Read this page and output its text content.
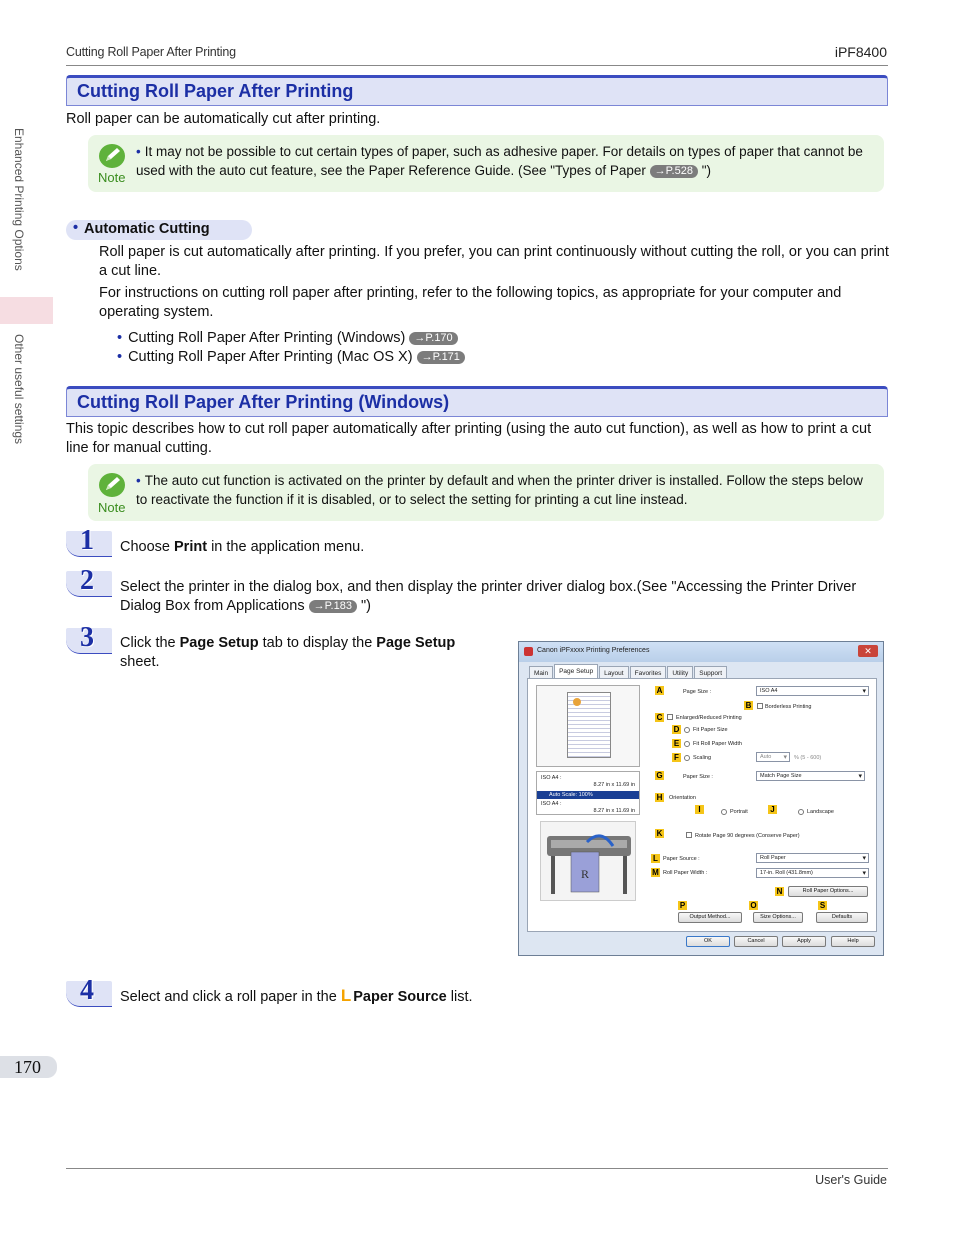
Cutting Roll Paper After Printing	iPF8400
Enhanced Printing Options
Other useful settings
Cutting Roll Paper After Printing
Roll paper can be automatically cut after printing.
Note
• It may not be possible to cut certain types of paper, such as adhesive paper. For details on types of paper that cannot be used with the auto cut feature, see the Paper Reference Guide. (See "Types of Paper →P.528 ")
• Automatic Cutting
Roll paper is cut automatically after printing. If you prefer, you can print continuously without cutting the roll, or you can print a cut line.
For instructions on cutting roll paper after printing, refer to the following topics, as appropriate for your computer and operating system.
• Cutting Roll Paper After Printing (Windows) →P.170
• Cutting Roll Paper After Printing (Mac OS X) →P.171
Cutting Roll Paper After Printing (Windows)
This topic describes how to cut roll paper automatically after printing (using the auto cut function), as well as how to print a cut line for manual cutting.
Note
• The auto cut function is activated on the printer by default and when the printer driver is installed. Follow the steps below to reactivate the function if it is disabled, or to select the setting for printing a cut line instead.
1 Choose Print in the application menu.
2 Select the printer in the dialog box, and then display the printer driver dialog box.(See "Accessing the Printer Driver Dialog Box from Applications →P.183 ")
3 Click the Page Setup tab to display the Page Setup sheet.
Canon iPFxxxx Printing Preferences	✕
Main	Page Setup	Layout	Favorites	Utility	Support
ISO A4 :
8.27 in x 11.69 in
Auto Scale: 100%
ISO A4 :
8.27 in x 11.69 in
R
A	Page Size :	ISO A4 ▾
B Borderless Printing
C Enlarged/Reduced Printing
D Fit Paper Size
E	Fit Roll Paper Width
F	Scaling	Auto ▾	% (5 - 600)
G	Paper Size :	Match Page Size ▾
H Orientation
I	Portrait	J	Landscape
K	Rotate Page 90 degrees (Conserve Paper)
L Paper Source :	Roll Paper ▾
M Roll Paper Width :	17-in. Roll (431.8mm) ▾
N	Roll Paper Options...
P	O	S
Output Method...	Size Options...	Defaults
OK	Cancel	Apply	Help
4 Select and click a roll paper in the L Paper Source list.
170
User's Guide
